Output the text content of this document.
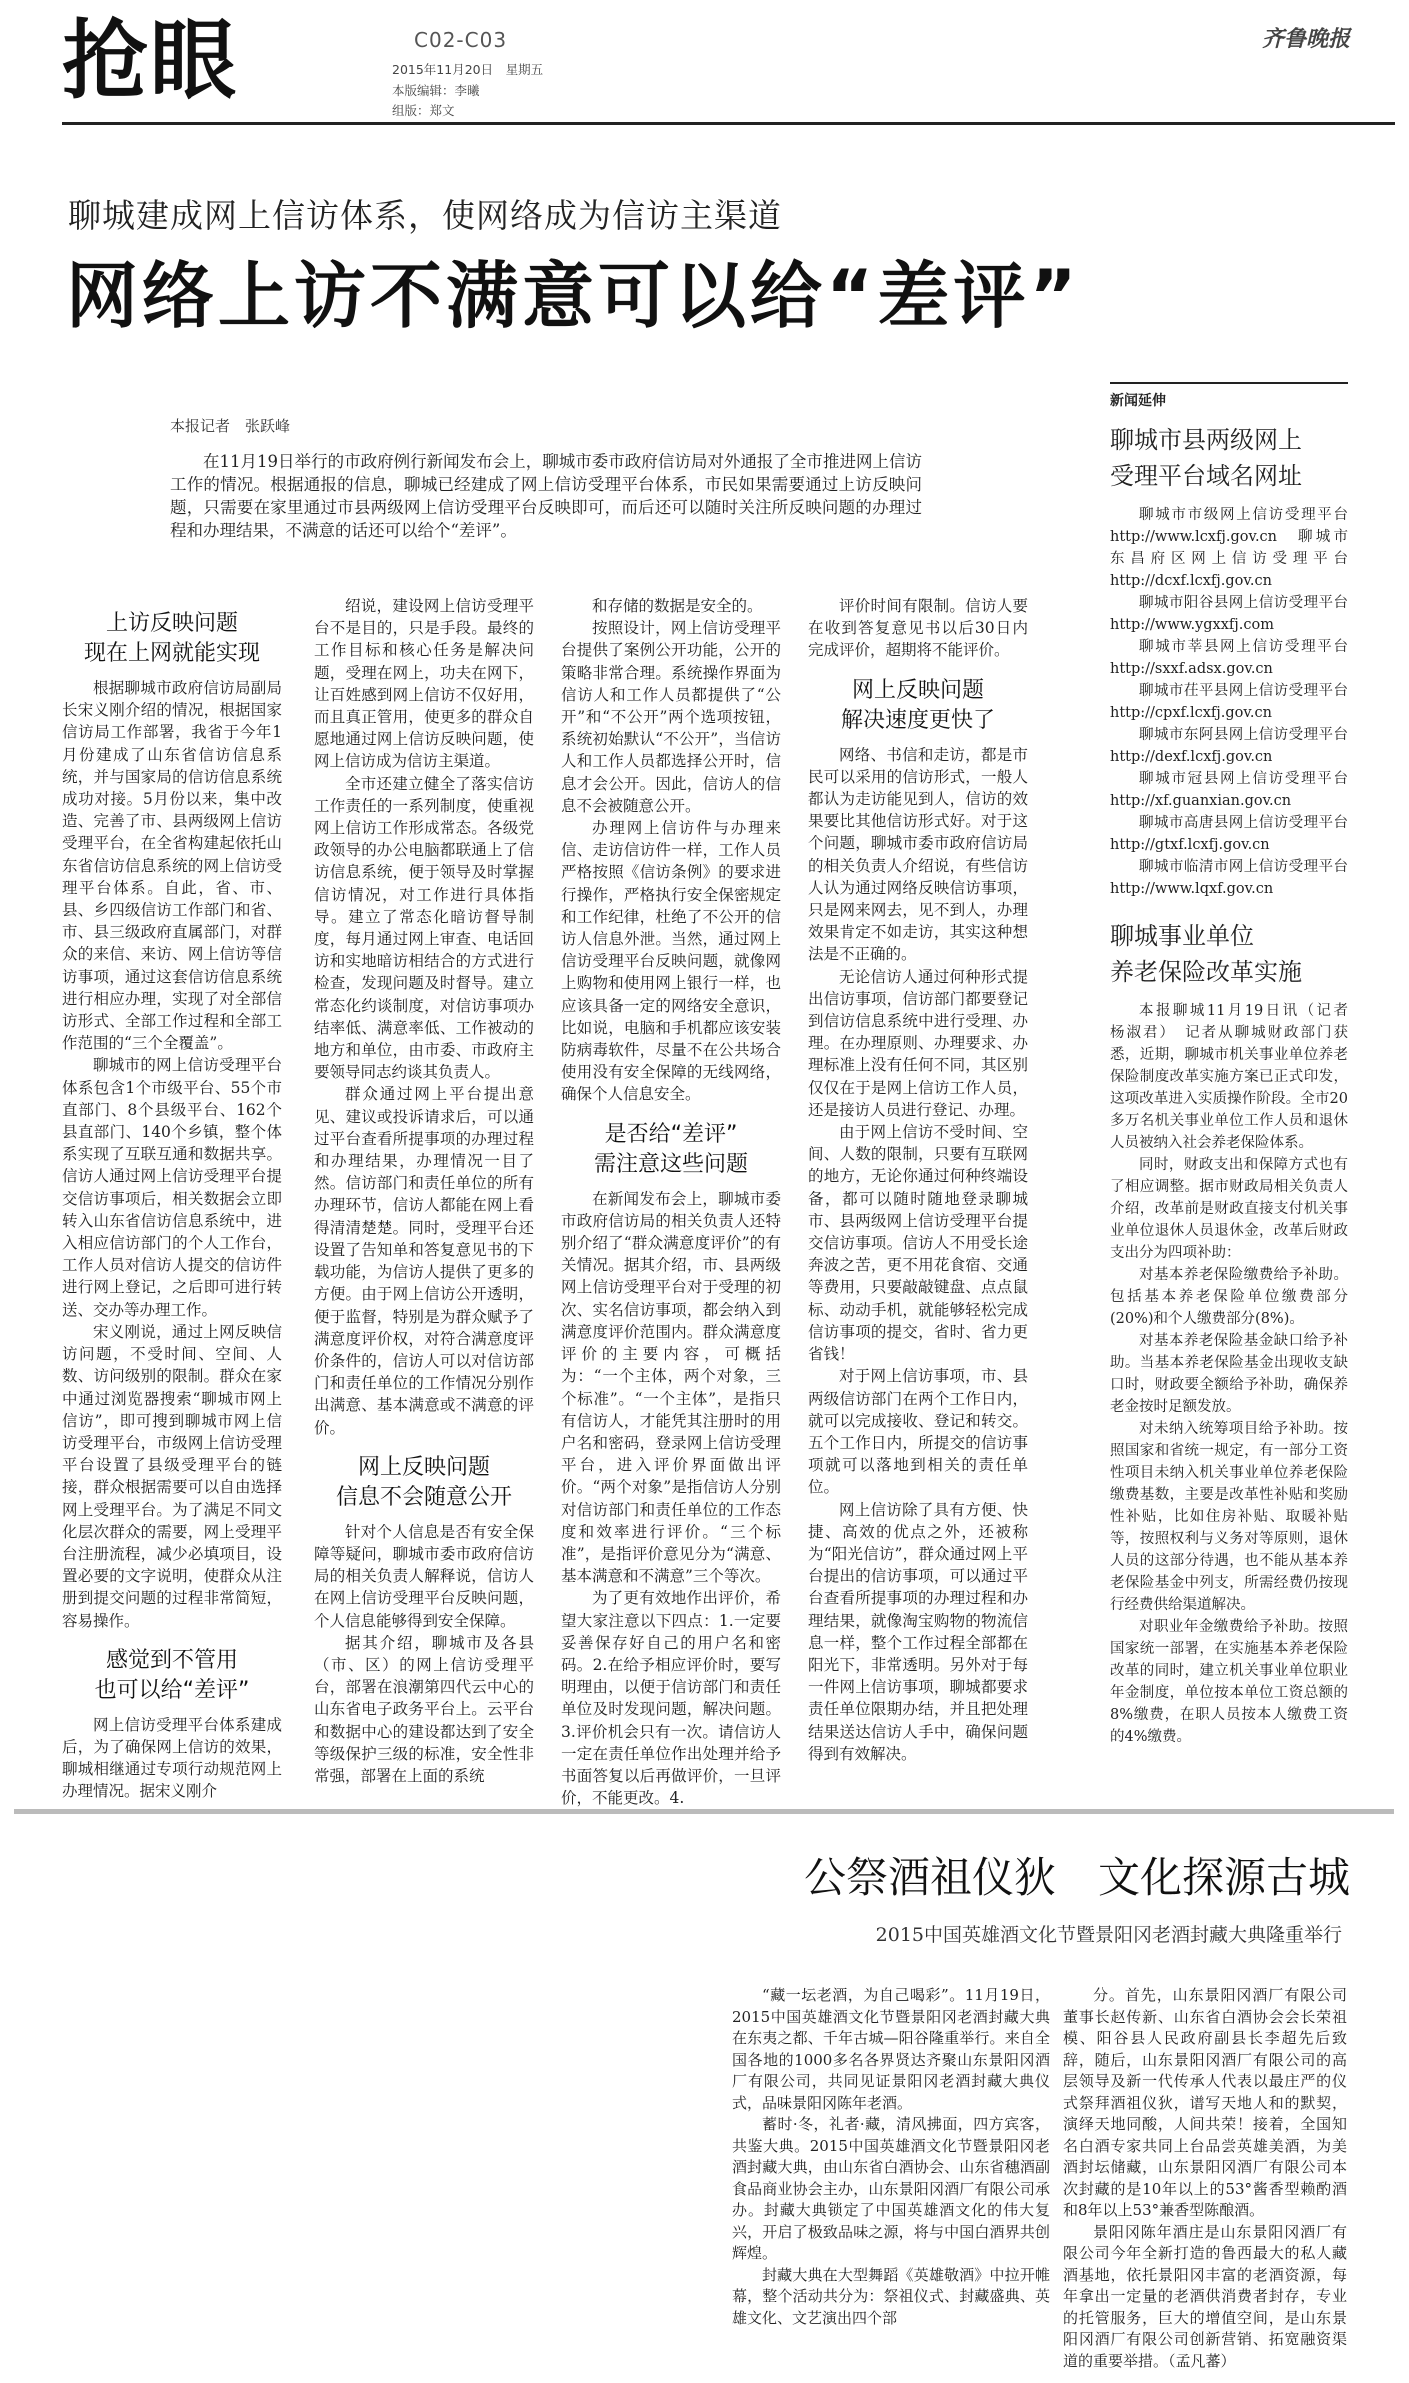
抢眼	C02-C03
2015年11月20日　星期五
本版编辑：李曦
组版：郑文
齐鲁晚报
聊城建成网上信访体系，使网络成为信访主渠道
网络上访不满意可以给“差评”
本报记者　张跃峰
在11月19日举行的市政府例行新闻发布会上，聊城市委市政府信访局对外通报了全市推进网上信访工作的情况。根据通报的信息，聊城已经建成了网上信访受理平台体系，市民如果需要通过上访反映问题，只需要在家里通过市县两级网上信访受理平台反映即可，而后还可以随时关注所反映问题的办理过程和办理结果，不满意的话还可以给个“差评”。
上访反映问题
现在上网就能实现

根据聊城市政府信访局副局长宋义刚介绍的情况，根据国家信访局工作部署，我省于今年1月份建成了山东省信访信息系统，并与国家局的信访信息系统成功对接。5月份以来，集中改造、完善了市、县两级网上信访受理平台，在全省构建起依托山东省信访信息系统的网上信访受理平台体系。自此，省、市、县、乡四级信访工作部门和省、市、县三级政府直属部门，对群众的来信、来访、网上信访等信访事项，通过这套信访信息系统进行相应办理，实现了对全部信访形式、全部工作过程和全部工作范围的“三个全覆盖”。

聊城市的网上信访受理平台体系包含1个市级平台、55个市直部门、8个县级平台、162个县直部门、140个乡镇，整个体系实现了互联互通和数据共享。信访人通过网上信访受理平台提交信访事项后，相关数据会立即转入山东省信访信息系统中，进入相应信访部门的个人工作台，工作人员对信访人提交的信访件进行网上登记，之后即可进行转送、交办等办理工作。

宋义刚说，通过上网反映信访问题，不受时间、空间、人数、访问级别的限制。群众在家中通过浏览器搜索“聊城市网上信访”，即可搜到聊城市网上信访受理平台，市级网上信访受理平台设置了县级受理平台的链接，群众根据需要可以自由选择网上受理平台。为了满足不同文化层次群众的需要，网上受理平台注册流程，减少必填项目，设置必要的文字说明，使群众从注册到提交问题的过程非常简短，容易操作。

感觉到不管用
也可以给“差评”

网上信访受理平台体系建成后，为了确保网上信访的效果，聊城相继通过专项行动规范网上办理情况。据宋义刚介

绍说，建设网上信访受理平台不是目的，只是手段。最终的工作目标和核心任务是解决问题，受理在网上，功夫在网下，让百姓感到网上信访不仅好用，而且真正管用，使更多的群众自愿地通过网上信访反映问题，使网上信访成为信访主渠道。

全市还建立健全了落实信访工作责任的一系列制度，使重视网上信访工作形成常态。各级党政领导的办公电脑都联通上了信访信息系统，便于领导及时掌握信访情况，对工作进行具体指导。建立了常态化暗访督导制度，每月通过网上审查、电话回访和实地暗访相结合的方式进行检查，发现问题及时督导。建立常态化约谈制度，对信访事项办结率低、满意率低、工作被动的地方和单位，由市委、市政府主要领导同志约谈其负责人。

群众通过网上平台提出意见、建议或投诉请求后，可以通过平台查看所提事项的办理过程和办理结果，办理情况一目了然。信访部门和责任单位的所有办理环节，信访人都能在网上看得清清楚楚。同时，受理平台还设置了告知单和答复意见书的下载功能，为信访人提供了更多的方便。由于网上信访公开透明，便于监督，特别是为群众赋予了满意度评价权，对符合满意度评价条件的，信访人可以对信访部门和责任单位的工作情况分别作出满意、基本满意或不满意的评价。

网上反映问题
信息不会随意公开

针对个人信息是否有安全保障等疑问，聊城市委市政府信访局的相关负责人解释说，信访人在网上信访受理平台反映问题，个人信息能够得到安全保障。

据其介绍，聊城市及各县（市、区）的网上信访受理平台，部署在浪潮第四代云中心的山东省电子政务平台上。云平台和数据中心的建设都达到了安全等级保护三级的标准，安全性非常强，部署在上面的系统

和存储的数据是安全的。

按照设计，网上信访受理平台提供了案例公开功能，公开的策略非常合理。系统操作界面为信访人和工作人员都提供了“公开”和“不公开”两个选项按钮，系统初始默认“不公开”，当信访人和工作人员都选择公开时，信息才会公开。因此，信访人的信息不会被随意公开。

办理网上信访件与办理来信、走访信访件一样，工作人员严格按照《信访条例》的要求进行操作，严格执行安全保密规定和工作纪律，杜绝了不公开的信访人信息外泄。当然，通过网上信访受理平台反映问题，就像网上购物和使用网上银行一样，也应该具备一定的网络安全意识，比如说，电脑和手机都应该安装防病毒软件，尽量不在公共场合使用没有安全保障的无线网络，确保个人信息安全。

是否给“差评”
需注意这些问题

在新闻发布会上，聊城市委市政府信访局的相关负责人还特别介绍了“群众满意度评价”的有关情况。据其介绍，市、县两级网上信访受理平台对于受理的初次、实名信访事项，都会纳入到满意度评价范围内。群众满意度评价的主要内容，可概括为：“一个主体，两个对象，三个标准”。“一个主体”，是指只有信访人，才能凭其注册时的用户名和密码，登录网上信访受理平台，进入评价界面做出评价。“两个对象”是指信访人分别对信访部门和责任单位的工作态度和效率进行评价。“三个标准”，是指评价意见分为“满意、基本满意和不满意”三个等次。

为了更有效地作出评价，希望大家注意以下四点：1.一定要妥善保存好自己的用户名和密码。2.在给予相应评价时，要写明理由，以便于信访部门和责任单位及时发现问题，解决问题。3.评价机会只有一次。请信访人一定在责任单位作出处理并给予书面答复以后再做评价，一旦评价，不能更改。4.

评价时间有限制。信访人要在收到答复意见书以后30日内完成评价，超期将不能评价。

网上反映问题
解决速度更快了

网络、书信和走访，都是市民可以采用的信访形式，一般人都认为走访能见到人，信访的效果要比其他信访形式好。对于这个问题，聊城市委市政府信访局的相关负责人介绍说，有些信访人认为通过网络反映信访事项，只是网来网去，见不到人，办理效果肯定不如走访，其实这种想法是不正确的。

无论信访人通过何种形式提出信访事项，信访部门都要登记到信访信息系统中进行受理、办理。在办理原则、办理要求、办理标准上没有任何不同，其区别仅仅在于是网上信访工作人员，还是接访人员进行登记、办理。

由于网上信访不受时间、空间、人数的限制，只要有互联网的地方，无论你通过何种终端设备，都可以随时随地登录聊城市、县两级网上信访受理平台提交信访事项。信访人不用受长途奔波之苦，更不用花食宿、交通等费用，只要敲敲键盘、点点鼠标、动动手机，就能够轻松完成信访事项的提交，省时、省力更省钱！

对于网上信访事项，市、县两级信访部门在两个工作日内，就可以完成接收、登记和转交。五个工作日内，所提交的信访事项就可以落地到相关的责任单位。

网上信访除了具有方便、快捷、高效的优点之外，还被称为“阳光信访”，群众通过网上平台提出的信访事项，可以通过平台查看所提事项的办理过程和办理结果，就像淘宝购物的物流信息一样，整个工作过程全部都在阳光下，非常透明。另外对于每一件网上信访事项，聊城都要求责任单位限期办结，并且把处理结果送达信访人手中，确保问题得到有效解决。

新闻延伸
聊城市县两级网上
受理平台域名网址

聊城市市级网上信访受理平台　http://www.lcxfj.gov.cn　聊城市东昌府区网上信访受理平台　http://dcxf.lcxfj.gov.cn

聊城市阳谷县网上信访受理平台　http://www.ygxxfj.com

聊城市莘县网上信访受理平台　http://sxxf.adsx.gov.cn

聊城市茌平县网上信访受理平台　http://cpxf.lcxfj.gov.cn

聊城市东阿县网上信访受理平台　http://dexf.lcxfj.gov.cn

聊城市冠县网上信访受理平台　http://xf.guanxian.gov.cn

聊城市高唐县网上信访受理平台　http://gtxf.lcxfj.gov.cn

聊城市临清市网上信访受理平台　http://www.lqxf.gov.cn

聊城事业单位
养老保险改革实施

本报聊城11月19日讯（记者　杨淑君）　记者从聊城财政部门获悉，近期，聊城市机关事业单位养老保险制度改革实施方案已正式印发，这项改革进入实质操作阶段。全市20多万名机关事业单位工作人员和退休人员被纳入社会养老保险体系。

同时，财政支出和保障方式也有了相应调整。据市财政局相关负责人介绍，改革前是财政直接支付机关事业单位退休人员退休金，改革后财政支出分为四项补助：

对基本养老保险缴费给予补助。包括基本养老保险单位缴费部分(20%)和个人缴费部分(8%)。

对基本养老保险基金缺口给予补助。当基本养老保险基金出现收支缺口时，财政要全额给予补助，确保养老金按时足额发放。

对未纳入统筹项目给予补助。按照国家和省统一规定，有一部分工资性项目未纳入机关事业单位养老保险缴费基数，主要是改革性补贴和奖励性补贴，比如住房补贴、取暖补贴等，按照权利与义务对等原则，退休人员的这部分待遇，也不能从基本养老保险基金中列支，所需经费仍按现行经费供给渠道解决。

对职业年金缴费给予补助。按照国家统一部署，在实施基本养老保险改革的同时，建立机关事业单位职业年金制度，单位按本单位工资总额的8%缴费，在职人员按本人缴费工资的4%缴费。

公祭酒祖仪狄　文化探源古城
2015中国英雄酒文化节暨景阳冈老酒封藏大典隆重举行

“藏一坛老酒，为自己喝彩”。11月19日，2015中国英雄酒文化节暨景阳冈老酒封藏大典在东夷之都、千年古城—阳谷隆重举行。来自全国各地的1000多名各界贤达齐聚山东景阳冈酒厂有限公司，共同见证景阳冈老酒封藏大典仪式，品味景阳冈陈年老酒。

蓄时·冬，礼者·藏，清风拂面，四方宾客，共鉴大典。2015中国英雄酒文化节暨景阳冈老酒封藏大典，由山东省白酒协会、山东省穗酒副食品商业协会主办，山东景阳冈酒厂有限公司承办。封藏大典锁定了中国英雄酒文化的伟大复兴，开启了极致品味之源，将与中国白酒界共创辉煌。

封藏大典在大型舞蹈《英雄敬酒》中拉开帷幕，整个活动共分为：祭祖仪式、封藏盛典、英雄文化、文艺演出四个部

分。首先，山东景阳冈酒厂有限公司董事长赵传新、山东省白酒协会会长荣祖模、阳谷县人民政府副县长李超先后致辞，随后，山东景阳冈酒厂有限公司的高层领导及新一代传承人代表以最庄严的仪式祭拜酒祖仪狄，谱写天地人和的默契，演绎天地同酸，人间共荣！接着，全国知名白酒专家共同上台品尝英雄美酒，为美酒封坛储藏，山东景阳冈酒厂有限公司本次封藏的是10年以上的53°酱香型赖酌酒和8年以上53°兼香型陈酿酒。

景阳冈陈年酒庄是山东景阳冈酒厂有限公司今年全新打造的鲁西最大的私人藏酒基地，依托景阳冈丰富的老酒资源，每年拿出一定量的老酒供消费者封存，专业的托管服务，巨大的增值空间，是山东景阳冈酒厂有限公司创新营销、拓宽融资渠道的重要举措。（孟凡蕃）
